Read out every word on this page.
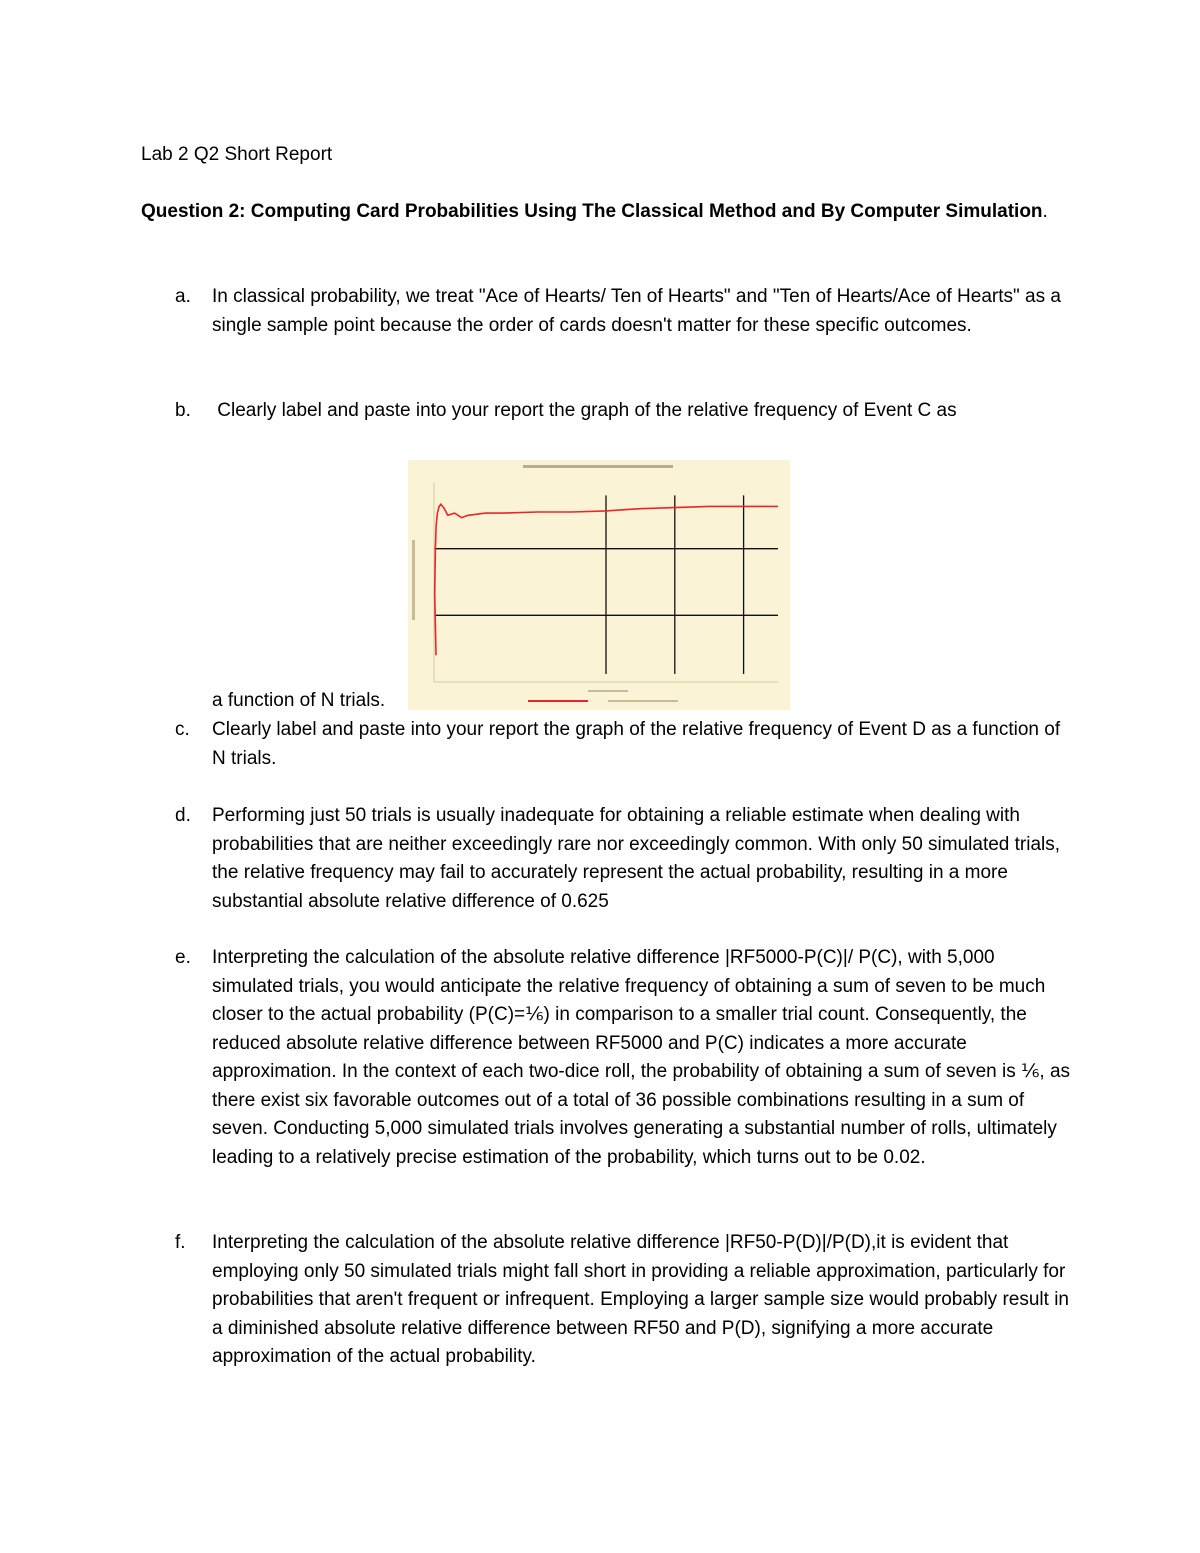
Lab 2 Q2 Short Report
Question 2: Computing Card Probabilities Using The Classical Method and By Computer Simulation.
a.	In classical probability, we treat "Ace of Hearts/ Ten of Hearts" and "Ten of Hearts/Ace of Hearts" as a single sample point because the order of cards doesn't matter for these specific outcomes.
b.	Clearly label and paste into your report the graph of the relative frequency of Event C as
a function of N trials.
c.	Clearly label and paste into your report the graph of the relative frequency of Event D as a function of N trials.
d.	Performing just 50 trials is usually inadequate for obtaining a reliable estimate when dealing with probabilities that are neither exceedingly rare nor exceedingly common. With only 50 simulated trials, the relative frequency may fail to accurately represent the actual probability, resulting in a more substantial absolute relative difference of 0.625
e.	Interpreting the calculation of the absolute relative difference |RF5000-P(C)|/ P(C), with 5,000 simulated trials, you would anticipate the relative frequency of obtaining a sum of seven to be much closer to the actual probability (P(C)=⅙) in comparison to a smaller trial count. Consequently, the reduced absolute relative difference between RF5000 and P(C) indicates a more accurate approximation. In the context of each two-dice roll, the probability of obtaining a sum of seven is ⅙, as there exist six favorable outcomes out of a total of 36 possible combinations resulting in a sum of seven. Conducting 5,000 simulated trials involves generating a substantial number of rolls, ultimately leading to a relatively precise estimation of the probability, which turns out to be 0.02.
f.	Interpreting the calculation of the absolute relative difference |RF50-P(D)|/P(D),it is evident that employing only 50 simulated trials might fall short in providing a reliable approximation, particularly for probabilities that aren't frequent or infrequent. Employing a larger sample size would probably result in a diminished absolute relative difference between RF50 and P(D), signifying a more accurate approximation of the actual probability.
